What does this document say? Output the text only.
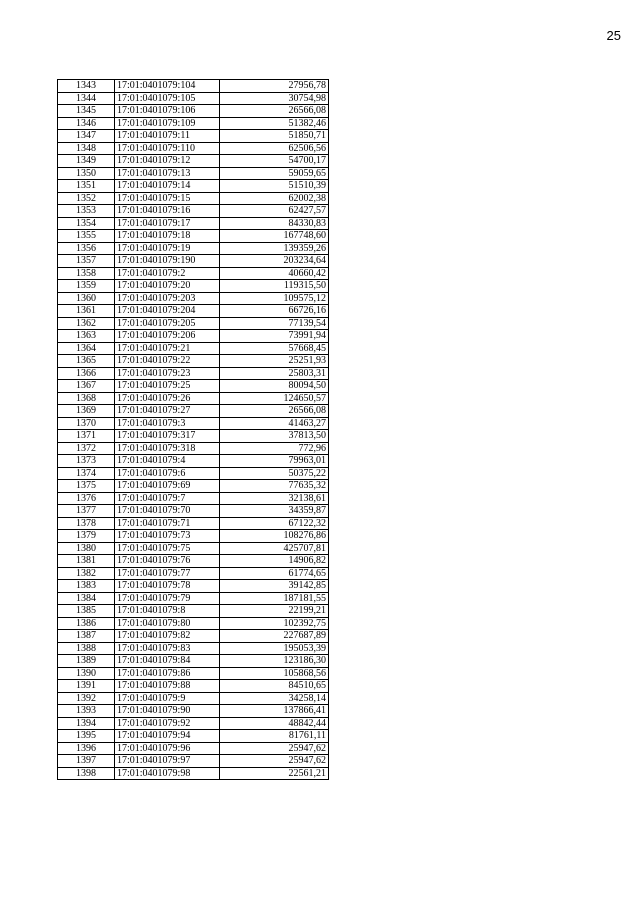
25
1343	17:01:0401079:104	27956,78
1344	17:01:0401079:105	30754,98
1345	17:01:0401079:106	26566,08
1346	17:01:0401079:109	51382,46
1347	17:01:0401079:11	51850,71
1348	17:01:0401079:110	62506,56
1349	17:01:0401079:12	54700,17
1350	17:01:0401079:13	59059,65
1351	17:01:0401079:14	51510,39
1352	17:01:0401079:15	62002,38
1353	17:01:0401079:16	62427,57
1354	17:01:0401079:17	84330,83
1355	17:01:0401079:18	167748,60
1356	17:01:0401079:19	139359,26
1357	17:01:0401079:190	203234,64
1358	17:01:0401079:2	40660,42
1359	17:01:0401079:20	119315,50
1360	17:01:0401079:203	109575,12
1361	17:01:0401079:204	66726,16
1362	17:01:0401079:205	77139,54
1363	17:01:0401079:206	73991,94
1364	17:01:0401079:21	57668,45
1365	17:01:0401079:22	25251,93
1366	17:01:0401079:23	25803,31
1367	17:01:0401079:25	80094,50
1368	17:01:0401079:26	124650,57
1369	17:01:0401079:27	26566,08
1370	17:01:0401079:3	41463,27
1371	17:01:0401079:317	37813,50
1372	17:01:0401079:318	772,96
1373	17:01:0401079:4	79963,01
1374	17:01:0401079:6	50375,22
1375	17:01:0401079:69	77635,32
1376	17:01:0401079:7	32138,61
1377	17:01:0401079:70	34359,87
1378	17:01:0401079:71	67122,32
1379	17:01:0401079:73	108276,86
1380	17:01:0401079:75	425707,81
1381	17:01:0401079:76	14906,82
1382	17:01:0401079:77	61774,65
1383	17:01:0401079:78	39142,85
1384	17:01:0401079:79	187181,55
1385	17:01:0401079:8	22199,21
1386	17:01:0401079:80	102392,75
1387	17:01:0401079:82	227687,89
1388	17:01:0401079:83	195053,39
1389	17:01:0401079:84	123186,30
1390	17:01:0401079:86	105868,56
1391	17:01:0401079:88	84510,65
1392	17:01:0401079:9	34258,14
1393	17:01:0401079:90	137866,41
1394	17:01:0401079:92	48842,44
1395	17:01:0401079:94	81761,11
1396	17:01:0401079:96	25947,62
1397	17:01:0401079:97	25947,62
1398	17:01:0401079:98	22561,21
